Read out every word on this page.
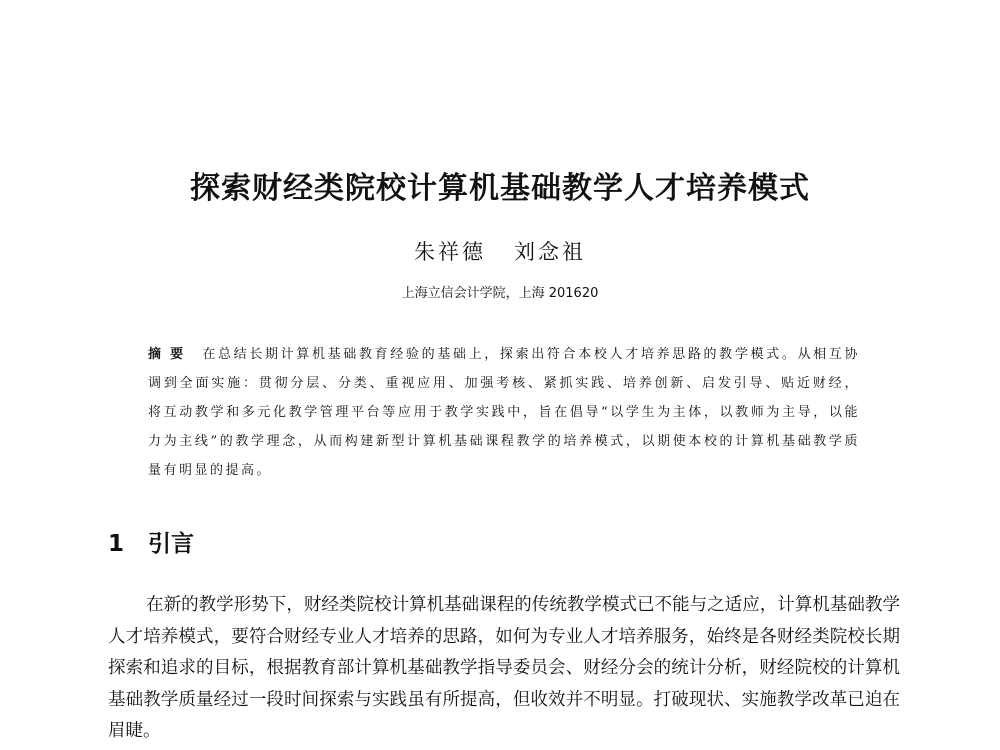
探索财经类院校计算机基础教学人才培养模式
朱祥德 刘念祖
上海立信会计学院，上海 201620
摘要 在总结长期计算机基础教育经验的基础上，探索出符合本校人才培养思路的教学模式。从相互协调到全面实施：贯彻分层、分类、重视应用、加强考核、紧抓实践、培养创新、启发引导、贴近财经，将互动教学和多元化教学管理平台等应用于教学实践中，旨在倡导“以学生为主体，以教师为主导，以能力为主线”的教学理念，从而构建新型计算机基础课程教学的培养模式，以期使本校的计算机基础教学质量有明显的提高。
1 引言
在新的教学形势下，财经类院校计算机基础课程的传统教学模式已不能与之适应，计算机基础教学人才培养模式，要符合财经专业人才培养的思路，如何为专业人才培养服务，始终是各财经类院校长期探索和追求的目标，根据教育部计算机基础教学指导委员会、财经分会的统计分析，财经院校的计算机基础教学质量经过一段时间探索与实践虽有所提高，但收效并不明显。打破现状、实施教学改革已迫在眉睫。
